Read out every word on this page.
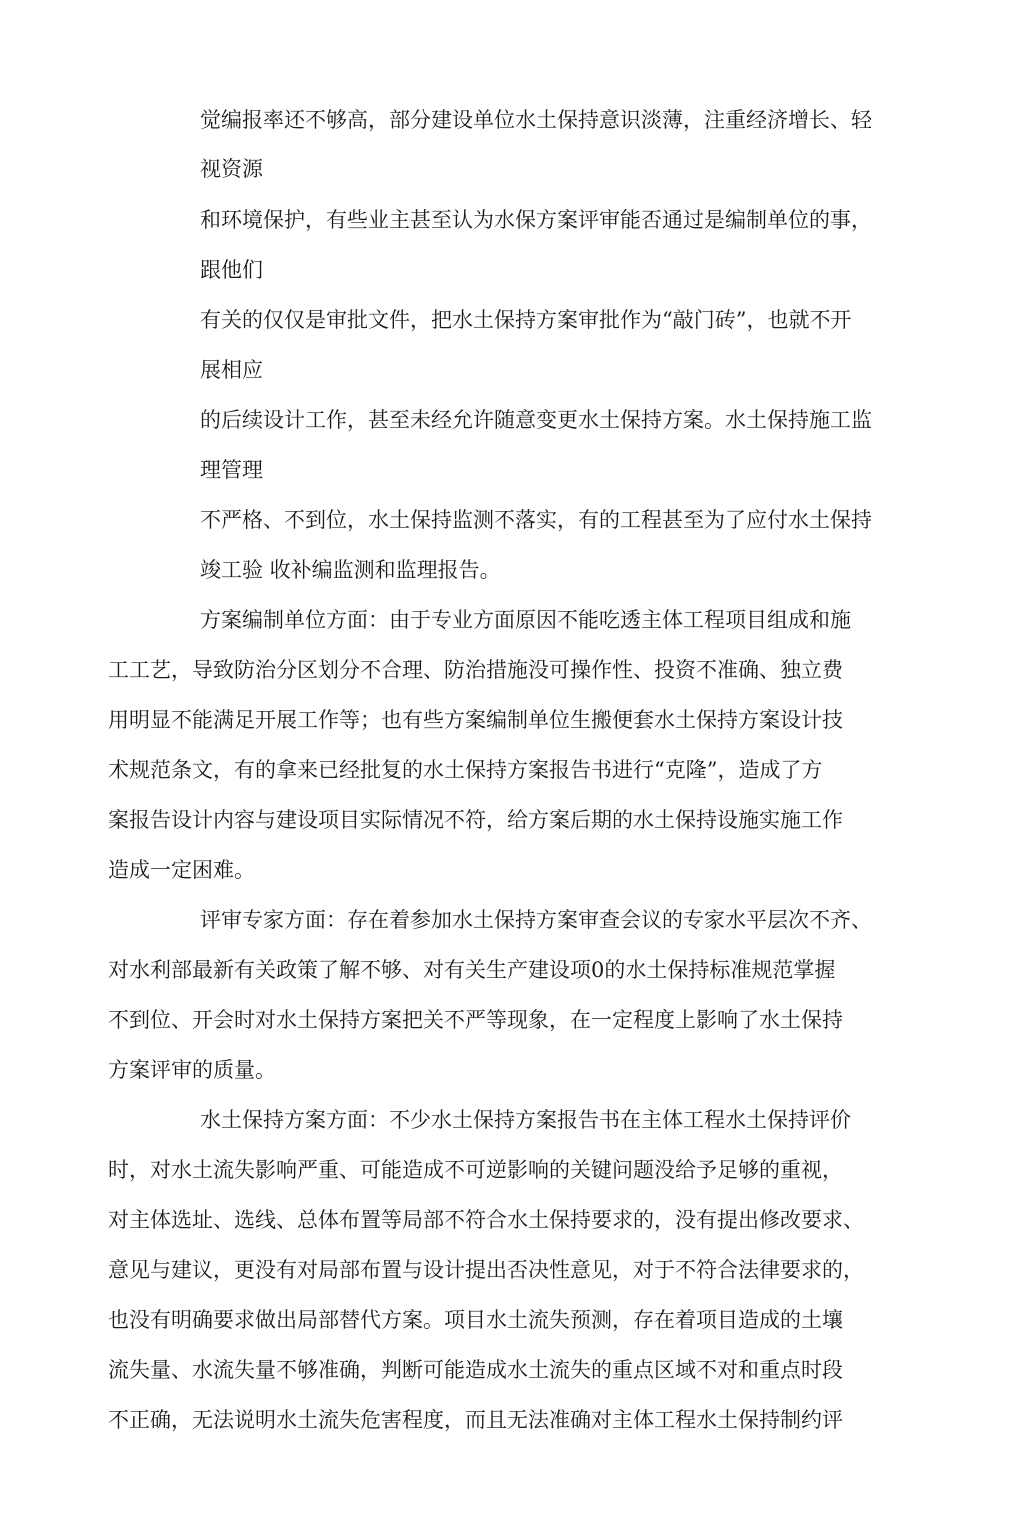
觉编报率还不够高，部分建设单位水土保持意识淡薄，注重经济增长、轻
视资源
和环境保护，有些业主甚至认为水保方案评审能否通过是编制单位的事，
跟他们
有关的仅仅是审批文件，把水土保持方案审批作为“敲门砖”，也就不开
展相应
的后续设计工作，甚至未经允许随意变更水土保持方案。水土保持施工监
理管理
不严格、不到位，水土保持监测不落实，有的工程甚至为了应付水土保持
竣工验 收补编监测和监理报告。
方案编制单位方面：由于专业方面原因不能吃透主体工程项目组成和施
工工艺，导致防治分区划分不合理、防治措施没可操作性、投资不准确、独立费
用明显不能满足开展工作等；也有些方案编制单位生搬便套水土保持方案设计技
术规范条文，有的拿来已经批复的水土保持方案报告书进行“克隆”，造成了方
案报告设计内容与建设项目实际情况不符，给方案后期的水土保持设施实施工作
造成一定困难。
评审专家方面：存在着参加水土保持方案审查会议的专家水平层次不齐、
对水利部最新有关政策了解不够、对有关生产建设项0的水土保持标准规范掌握
不到位、开会时对水土保持方案把关不严等现象，在一定程度上影响了水土保持
方案评审的质量。
水土保持方案方面：不少水土保持方案报告书在主体工程水土保持评价
时，对水土流失影响严重、可能造成不可逆影响的关键问题没给予足够的重视，
对主体选址、选线、总体布置等局部不符合水土保持要求的，没有提出修改要求、
意见与建议，更没有对局部布置与设计提出否决性意见，对于不符合法律要求的，
也没有明确要求做出局部替代方案。项目水土流失预测，存在着项目造成的土壤
流失量、水流失量不够准确，判断可能造成水土流失的重点区域不对和重点时段
不正确，无法说明水土流失危害程度，而且无法准确对主体工程水土保持制约评
